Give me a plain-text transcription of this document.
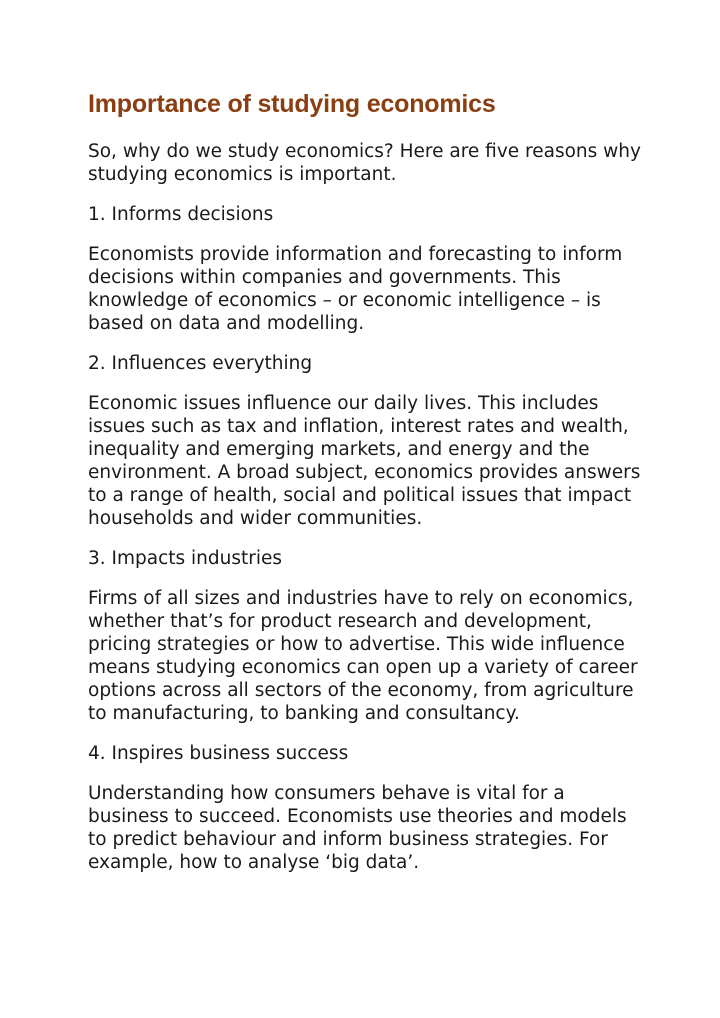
Importance of studying economics

So, why do we study economics? Here are five reasons why studying economics is important.

1. Informs decisions

Economists provide information and forecasting to inform decisions within companies and governments. This knowledge of economics – or economic intelligence – is based on data and modelling.

2. Influences everything

Economic issues influence our daily lives. This includes issues such as tax and inflation, interest rates and wealth, inequality and emerging markets, and energy and the environment. A broad subject, economics provides answers to a range of health, social and political issues that impact households and wider communities.

3. Impacts industries

Firms of all sizes and industries have to rely on economics, whether that’s for product research and development, pricing strategies or how to advertise. This wide influence means studying economics can open up a variety of career options across all sectors of the economy, from agriculture to manufacturing, to banking and consultancy.

4. Inspires business success

Understanding how consumers behave is vital for a business to succeed. Economists use theories and models to predict behaviour and inform business strategies. For example, how to analyse ‘big data’.
